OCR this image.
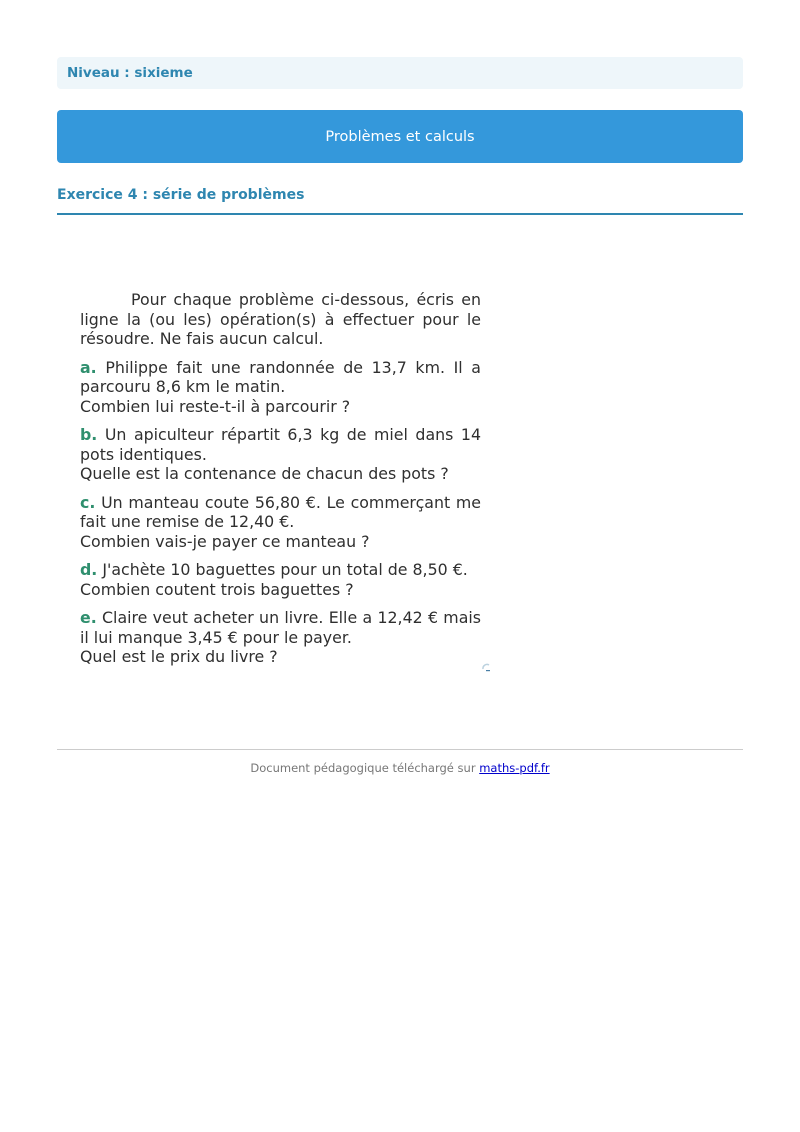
Niveau : sixieme
Problèmes et calculs
Exercice 4 : série de problèmes

Pour chaque problème ci-dessous, écris en ligne la (ou les) opération(s) à effectuer pour le résoudre. Ne fais aucun calcul.

a. Philippe fait une randonnée de 13,7 km. Il a parcouru 8,6 km le matin.
Combien lui reste-t-il à parcourir ?

b. Un apiculteur répartit 6,3 kg de miel dans 14 pots identiques.
Quelle est la contenance de chacun des pots ?

c. Un manteau coute 56,80 €. Le commerçant me fait une remise de 12,40 €.
Combien vais-je payer ce manteau ?

d. J'achète 10 baguettes pour un total de 8,50 €.
Combien coutent trois baguettes ?

e. Claire veut acheter un livre. Elle a 12,42 € mais il lui manque 3,45 € pour le payer.
Quel est le prix du livre ?

Document pédagogique téléchargé sur maths-pdf.fr
